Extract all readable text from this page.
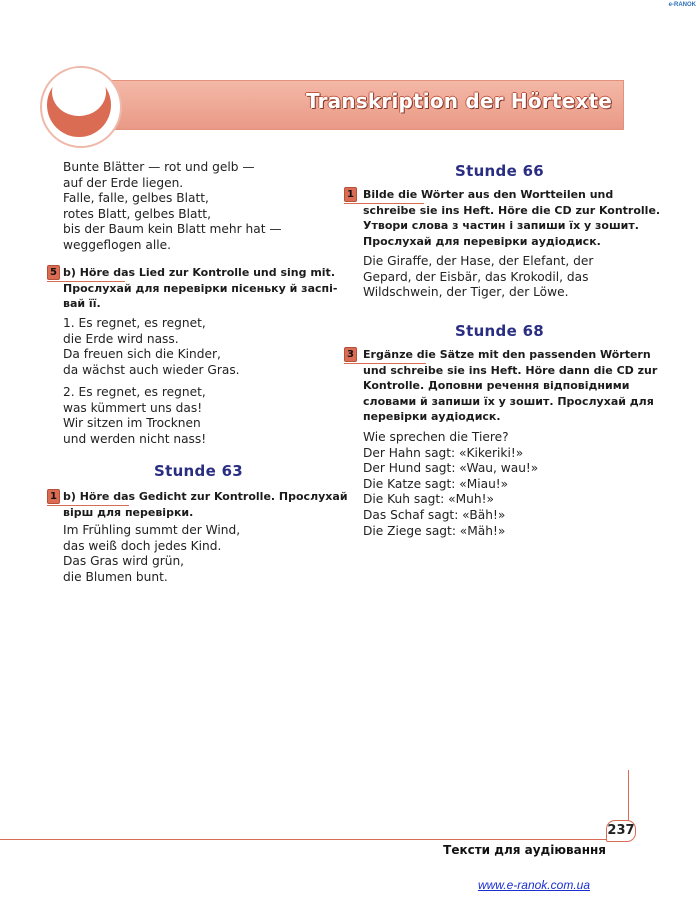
e-RANOK
Transkription der Hörtexte
Bunte Blätter — rot und gelb —
auf der Erde liegen.
Falle, falle, gelbes Blatt,
rotes Blatt, gelbes Blatt,
bis der Baum kein Blatt mehr hat —
weggeflogen alle.
5 b) Höre das Lied zur Kontrolle und sing mit.
Прослухай для перевірки пісеньку й заспі-
вай її.
1. Es regnet, es regnet,
die Erde wird nass.
Da freuen sich die Kinder,
da wächst auch wieder Gras.
2. Es regnet, es regnet,
was kümmert uns das!
Wir sitzen im Trocknen
und werden nicht nass!
Stunde 63
1 b) Höre das Gedicht zur Kontrolle. Прослухай
вірш для перевірки.
Im Frühling summt der Wind,
das weiß doch jedes Kind.
Das Gras wird grün,
die Blumen bunt.
Stunde 66
1 Bilde die Wörter aus den Wortteilen und
schreibe sie ins Heft. Höre die CD zur Kontrolle.
Утвори слова з частин і запиши їх у зошит.
Прослухай для перевірки аудіодиск.
Die Giraffe, der Hase, der Elefant, der
Gepard, der Eisbär, das Krokodil, das
Wildschwein, der Tiger, der Löwe.
Stunde 68
3 Ergänze die Sätze mit den passenden Wörtern
und schreibe sie ins Heft. Höre dann die CD zur
Kontrolle. Доповни речення відповідними
словами й запиши їх у зошит. Прослухай для
перевірки аудіодиск.
Wie sprechen die Tiere?
Der Hahn sagt: «Kikeriki!»
Der Hund sagt: «Wau, wau!»
Die Katze sagt: «Miau!»
Die Kuh sagt: «Muh!»
Das Schaf sagt: «Bäh!»
Die Ziege sagt: «Mäh!»
237
Тексти для аудіювання
www.e-ranok.com.ua
